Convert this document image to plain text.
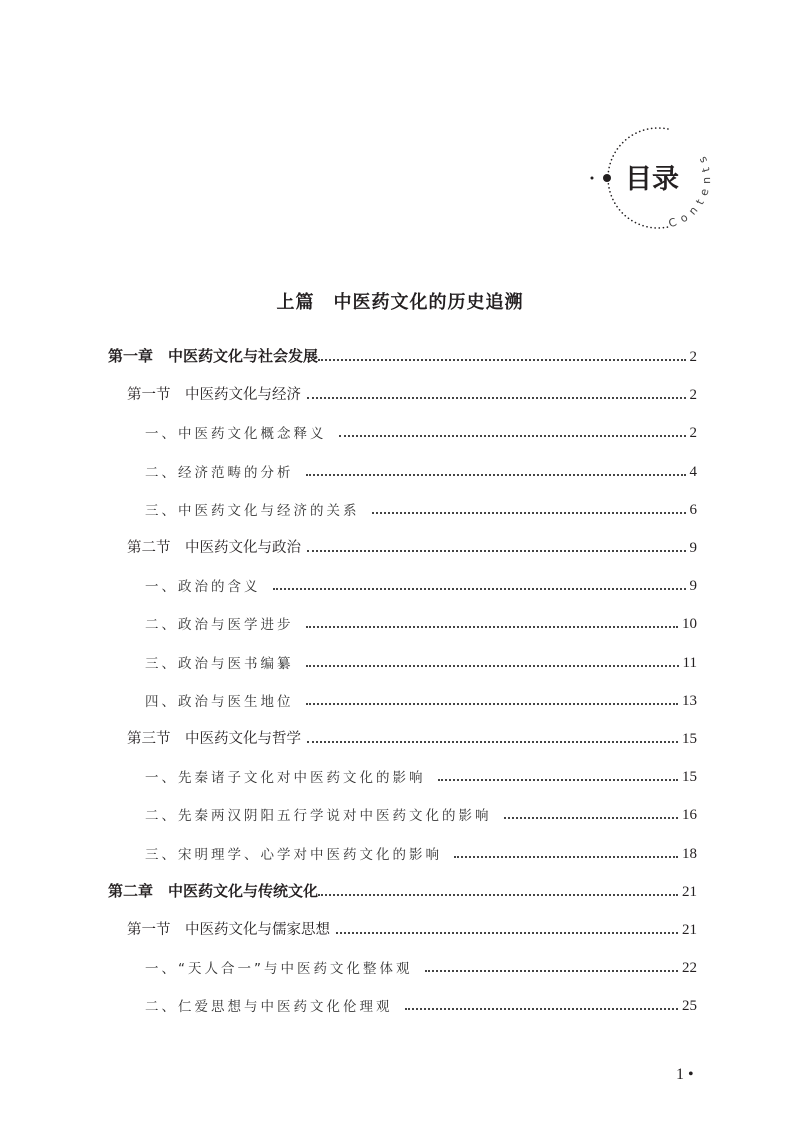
目录
Contents
上篇　中医药文化的历史追溯
第一章　中医药文化与社会发展	2
第一节　中医药文化与经济	2
一、中医药文化概念释义	2
二、经济范畴的分析	4
三、中医药文化与经济的关系	6
第二节　中医药文化与政治	9
一、政治的含义	9
二、政治与医学进步	10
三、政治与医书编纂	11
四、政治与医生地位	13
第三节　中医药文化与哲学	15
一、先秦诸子文化对中医药文化的影响	15
二、先秦两汉阴阳五行学说对中医药文化的影响	16
三、宋明理学、心学对中医药文化的影响	18
第二章　中医药文化与传统文化	21
第一节　中医药文化与儒家思想	21
一、“天人合一”与中医药文化整体观	22
二、仁爱思想与中医药文化伦理观	25
1 •
